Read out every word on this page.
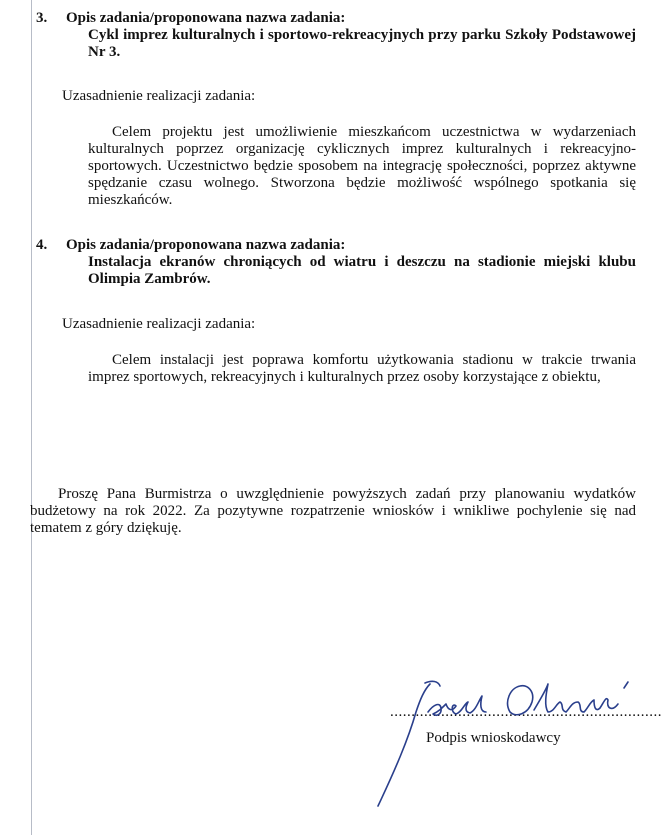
3. Opis zadania/proponowana nazwa zadania:
Cykl imprez kulturalnych i sportowo-rekreacyjnych przy parku Szkoły Podstawowej Nr 3.
Uzasadnienie realizacji zadania:
Celem projektu jest umożliwienie mieszkańcom uczestnictwa w wydarzeniach kulturalnych poprzez organizację cyklicznych imprez kulturalnych i rekreacyjno-sportowych. Uczestnictwo będzie sposobem na integrację społeczności, poprzez aktywne spędzanie czasu wolnego. Stworzona będzie możliwość wspólnego spotkania się mieszkańców.
4. Opis zadania/proponowana nazwa zadania:
Instalacja ekranów chroniących od wiatru i deszczu na stadionie miejski klubu Olimpia Zambrów.
Uzasadnienie realizacji zadania:
Celem instalacji jest poprawa komfortu użytkowania stadionu w trakcie trwania imprez sportowych, rekreacyjnych i kulturalnych przez osoby korzystające z obiektu,
Proszę Pana Burmistrza o uwzględnienie powyższych zadań przy planowaniu wydatków budżetowy na rok 2022. Za pozytywne rozpatrzenie wniosków i wnikliwe pochylenie się nad tematem z góry dziękuję.
................................................................
Podpis wnioskodawcy
